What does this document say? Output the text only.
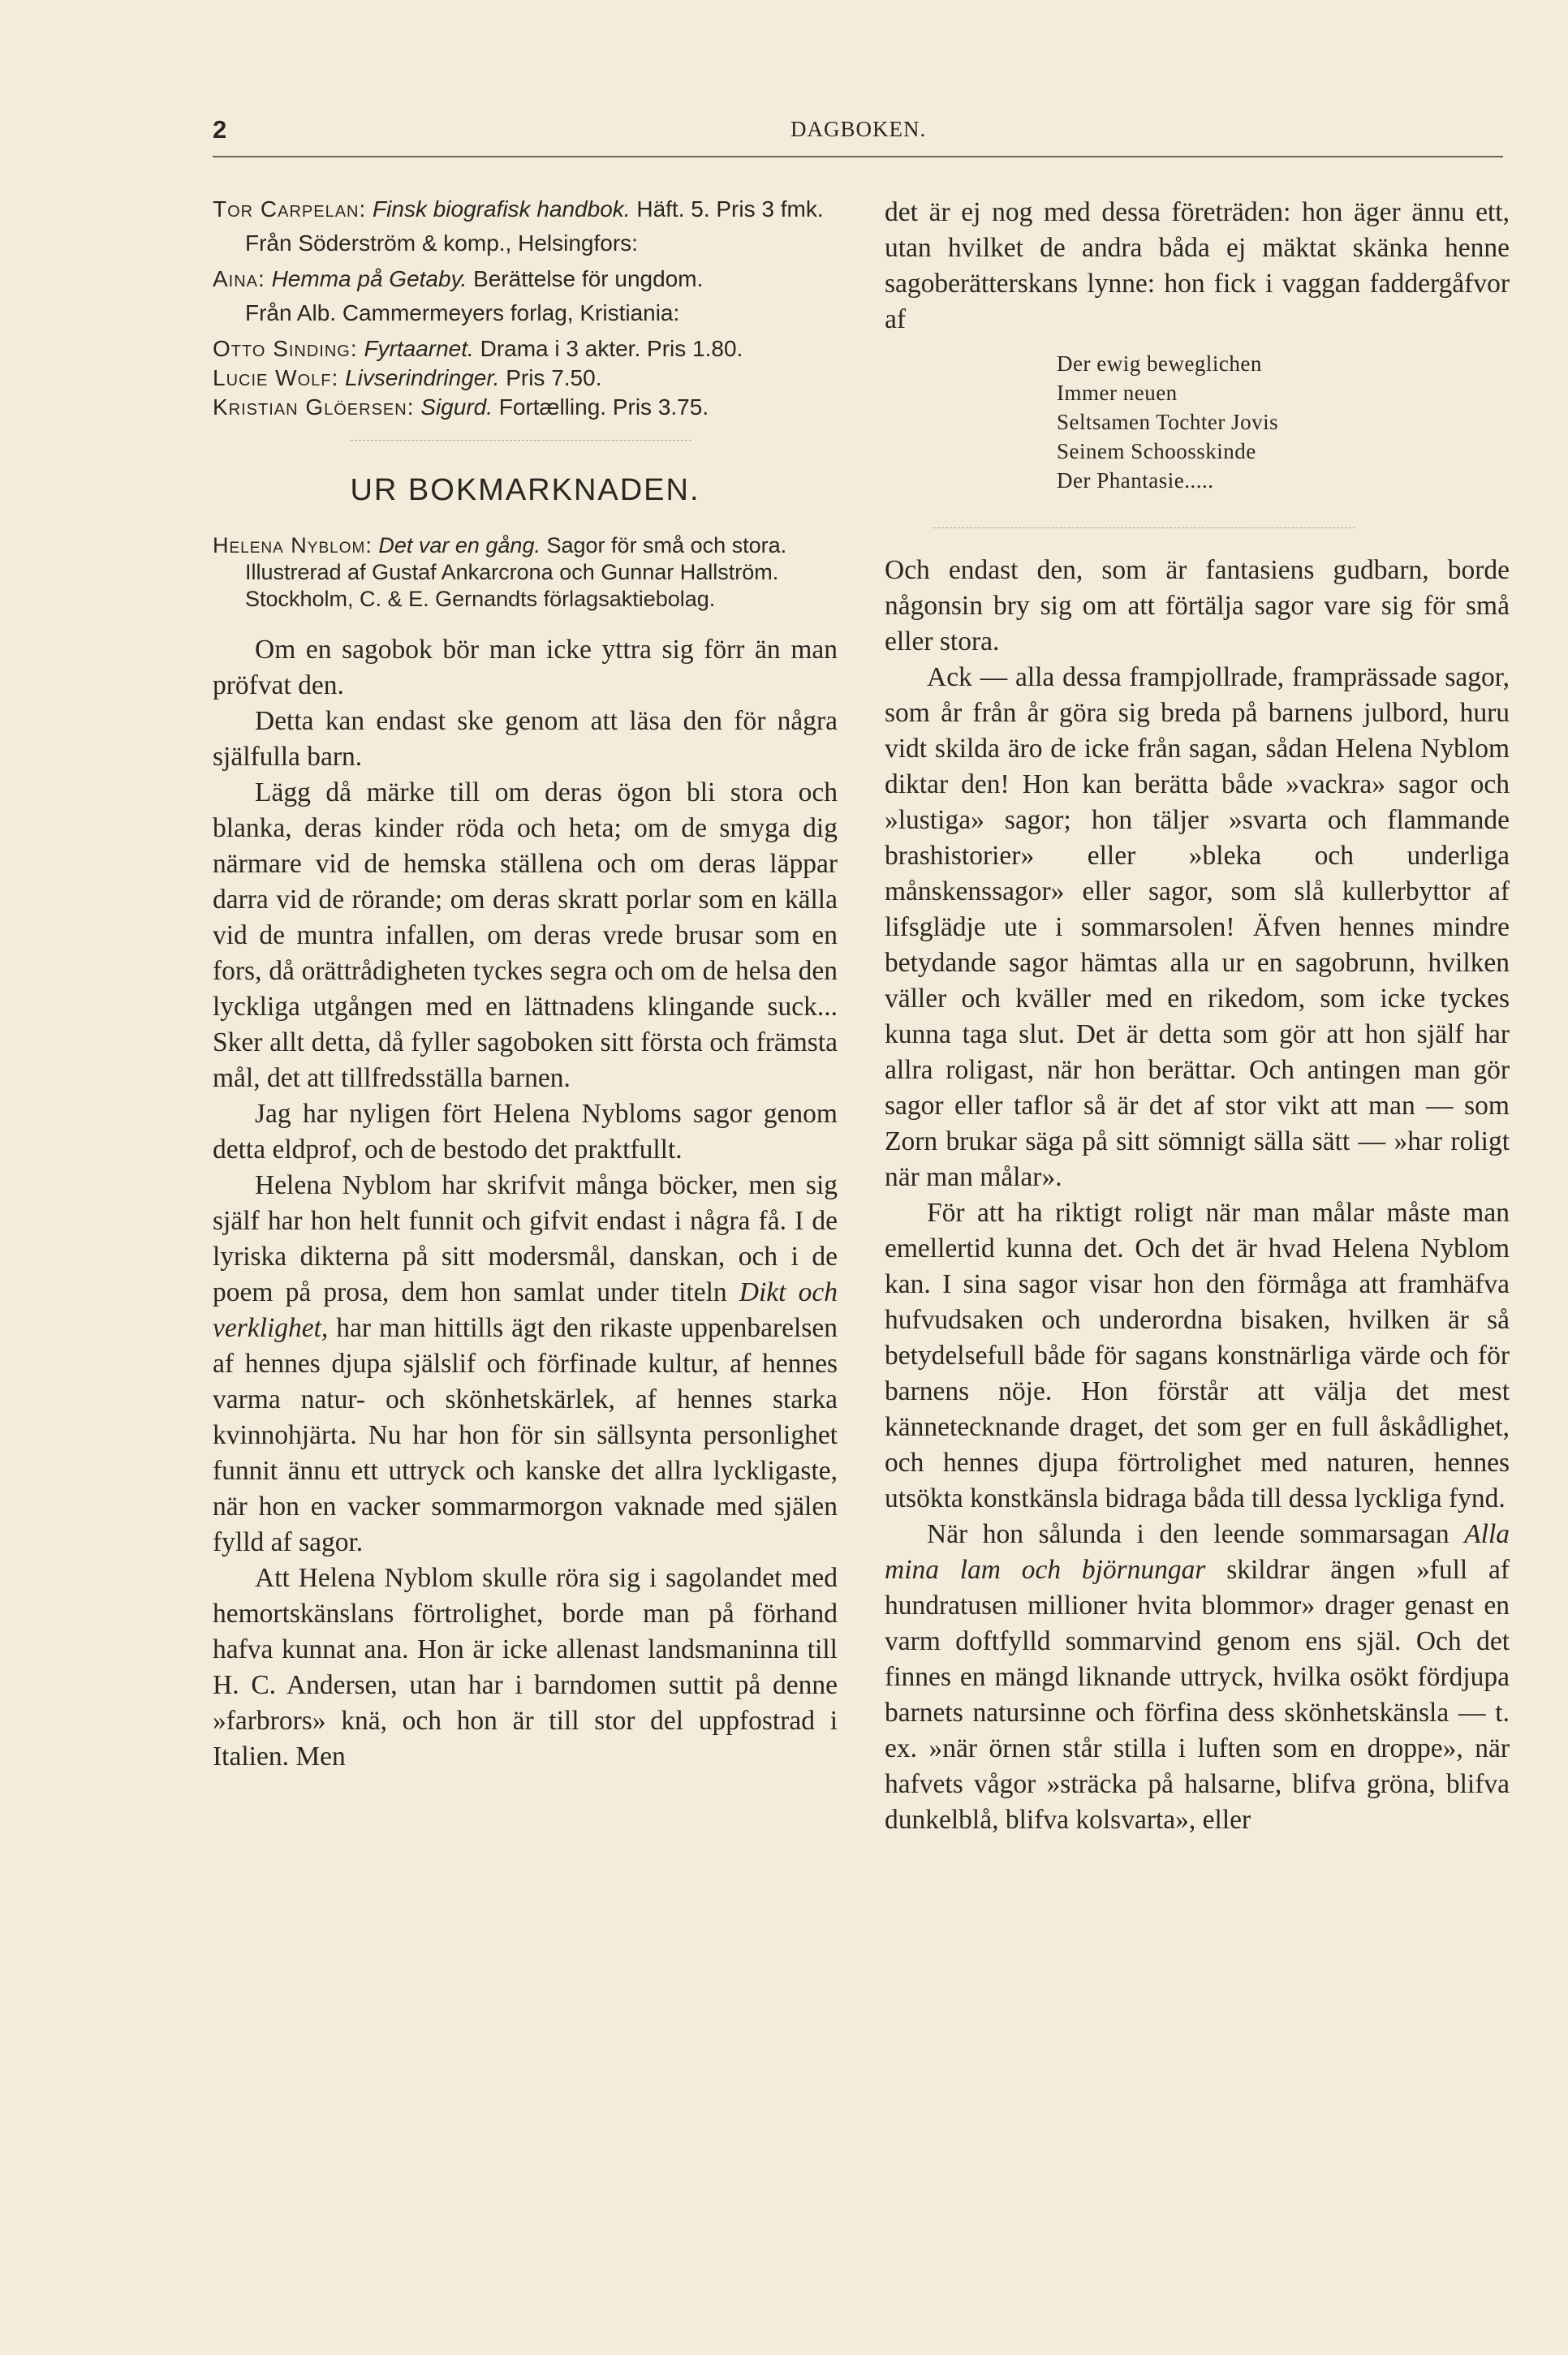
2	DAGBOKEN.
Tor Carpelan: Finsk biografisk handbok. Häft. 5. Pris 3 fmk.
Från Söderström & komp., Helsingfors:
Aina: Hemma på Getaby. Berättelse för ungdom.
Från Alb. Cammermeyers forlag, Kristiania:
Otto Sinding: Fyrtaarnet. Drama i 3 akter. Pris 1.80.
Lucie Wolf: Livserindringer. Pris 7.50.
Kristian Glöersen: Sigurd. Fortælling. Pris 3.75.
UR BOKMARKNADEN.
Helena Nyblom: Det var en gång. Sagor för små och stora. Illustrerad af Gustaf Ankarcrona och Gunnar Hallström. Stockholm, C. & E. Gernandts förlagsaktiebolag.

Om en sagobok bör man icke yttra sig förr än man pröfvat den.

Detta kan endast ske genom att läsa den för några själfulla barn.

Lägg då märke till om deras ögon bli stora och blanka, deras kinder röda och heta; om de smyga dig närmare vid de hemska ställena och om deras läppar darra vid de rörande; om deras skratt porlar som en källa vid de muntra infallen, om deras vrede brusar som en fors, då orättrådigheten tyckes segra och om de helsa den lyckliga utgången med en lättnadens klingande suck... Sker allt detta, då fyller sagoboken sitt första och främsta mål, det att tillfredsställa barnen.

Jag har nyligen fört Helena Nybloms sagor genom detta eldprof, och de bestodo det praktfullt.

Helena Nyblom har skrifvit många böcker, men sig själf har hon helt funnit och gifvit endast i några få. I de lyriska dikterna på sitt modersmål, danskan, och i de poem på prosa, dem hon samlat under titeln Dikt och verklighet, har man hittills ägt den rikaste uppenbarelsen af hennes djupa själslif och förfinade kultur, af hennes varma natur- och skönhetskärlek, af hennes starka kvinnohjärta. Nu har hon för sin sällsynta personlighet funnit ännu ett uttryck och kanske det allra lyckligaste, när hon en vacker sommarmorgon vaknade med själen fylld af sagor.

Att Helena Nyblom skulle röra sig i sagolandet med hemortskänslans förtrolighet, borde man på förhand hafva kunnat ana. Hon är icke allenast landsmaninna till H. C. Andersen, utan har i barndomen suttit på denne »farbrors» knä, och hon är till stor del uppfostrad i Italien. Men

det är ej nog med dessa företräden: hon äger ännu ett, utan hvilket de andra båda ej mäktat skänka henne sagoberätterskans lynne: hon fick i vaggan faddergåfvor af

Der ewig beweglichen
Immer neuen
Seltsamen Tochter Jovis
Seinem Schoosskinde
Der Phantasie.....

Och endast den, som är fantasiens gudbarn, borde någonsin bry sig om att förtälja sagor vare sig för små eller stora.

Ack — alla dessa frampjollrade, framprässade sagor, som år från år göra sig breda på barnens julbord, huru vidt skilda äro de icke från sagan, sådan Helena Nyblom diktar den! Hon kan berätta både »vackra» sagor och »lustiga» sagor; hon täljer »svarta och flammande brashistorier» eller »bleka och underliga månskenssagor» eller sagor, som slå kullerbyttor af lifsglädje ute i sommarsolen! Äfven hennes mindre betydande sagor hämtas alla ur en sagobrunn, hvilken väller och kväller med en rikedom, som icke tyckes kunna taga slut. Det är detta som gör att hon själf har allra roligast, när hon berättar. Och antingen man gör sagor eller taflor så är det af stor vikt att man — som Zorn brukar säga på sitt sömnigt sälla sätt — »har roligt när man målar».

För att ha riktigt roligt när man målar måste man emellertid kunna det. Och det är hvad Helena Nyblom kan. I sina sagor visar hon den förmåga att framhäfva hufvudsaken och underordna bisaken, hvilken är så betydelsefull både för sagans konstnärliga värde och för barnens nöje. Hon förstår att välja det mest kännetecknande draget, det som ger en full åskådlighet, och hennes djupa förtrolighet med naturen, hennes utsökta konstkänsla bidraga båda till dessa lyckliga fynd.

När hon sålunda i den leende sommarsagan Alla mina lam och björnungar skildrar ängen »full af hundratusen millioner hvita blommor» drager genast en varm doftfylld sommarvind genom ens själ. Och det finnes en mängd liknande uttryck, hvilka osökt fördjupa barnets natursinne och förfina dess skönhetskänsla — t. ex. »när örnen står stilla i luften som en droppe», när hafvets vågor »sträcka på halsarne, blifva gröna, blifva dunkelblå, blifva kolsvarta», eller
